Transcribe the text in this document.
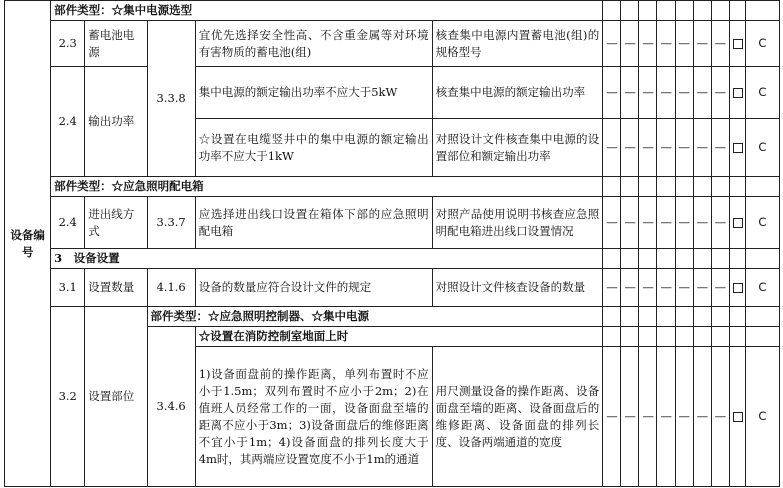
设备编号	部件类型：☆集中电源选型													
	2.3	蓄电池电源	3.3.8	宜优先选择安全性高、不含重金属等对环境有害物质的蓄电池(组)	核查集中电源内置蓄电池(组)的规格型号	—	—	—	—	—	—	—		C
	2.4	输出功率		集中电源的额定输出功率不应大于5kW	核查集中电源的额定输出功率	—	—	—	—	—	—	—		C
				☆设置在电缆竖井中的集中电源的额定输出功率不应大于1kW	对照设计文件核查集中电源的设置部位和额定输出功率	—	—	—	—	—	—	—		C
	部件类型：☆应急照明配电箱													
	2.4	进出线方式	3.3.7	应选择进出线口设置在箱体下部的应急照明配电箱	对照产品使用说明书核查应急照明配电箱进出线口设置情况	—	—	—	—	—	—	—		C
	3　设备设置													
	3.1	设置数量	4.1.6	设备的数量应符合设计文件的规定	对照设计文件核查设备的数量	—	—	—	—	—	—	—		C
	3.2	设置部位	部件类型：☆应急照明控制器、☆集中电源											
			3.4.6	☆设置在消防控制室地面上时										
				1)设备面盘前的操作距离，单列布置时不应小于1.5m；双列布置时不应小于2m；2)在值班人员经常工作的一面，设备面盘至墙的距离不应小于3m；3)设备面盘后的维修距离不宜小于1m；4)设备面盘的排列长度大于4m时，其两端应设置宽度不小于1m的通道	用尺测量设备的操作距离、设备面盘至墙的距离、设备面盘后的维修距离、设备面盘的排列长度、设备两端通道的宽度	—	—	—	—	—	—	—		C
